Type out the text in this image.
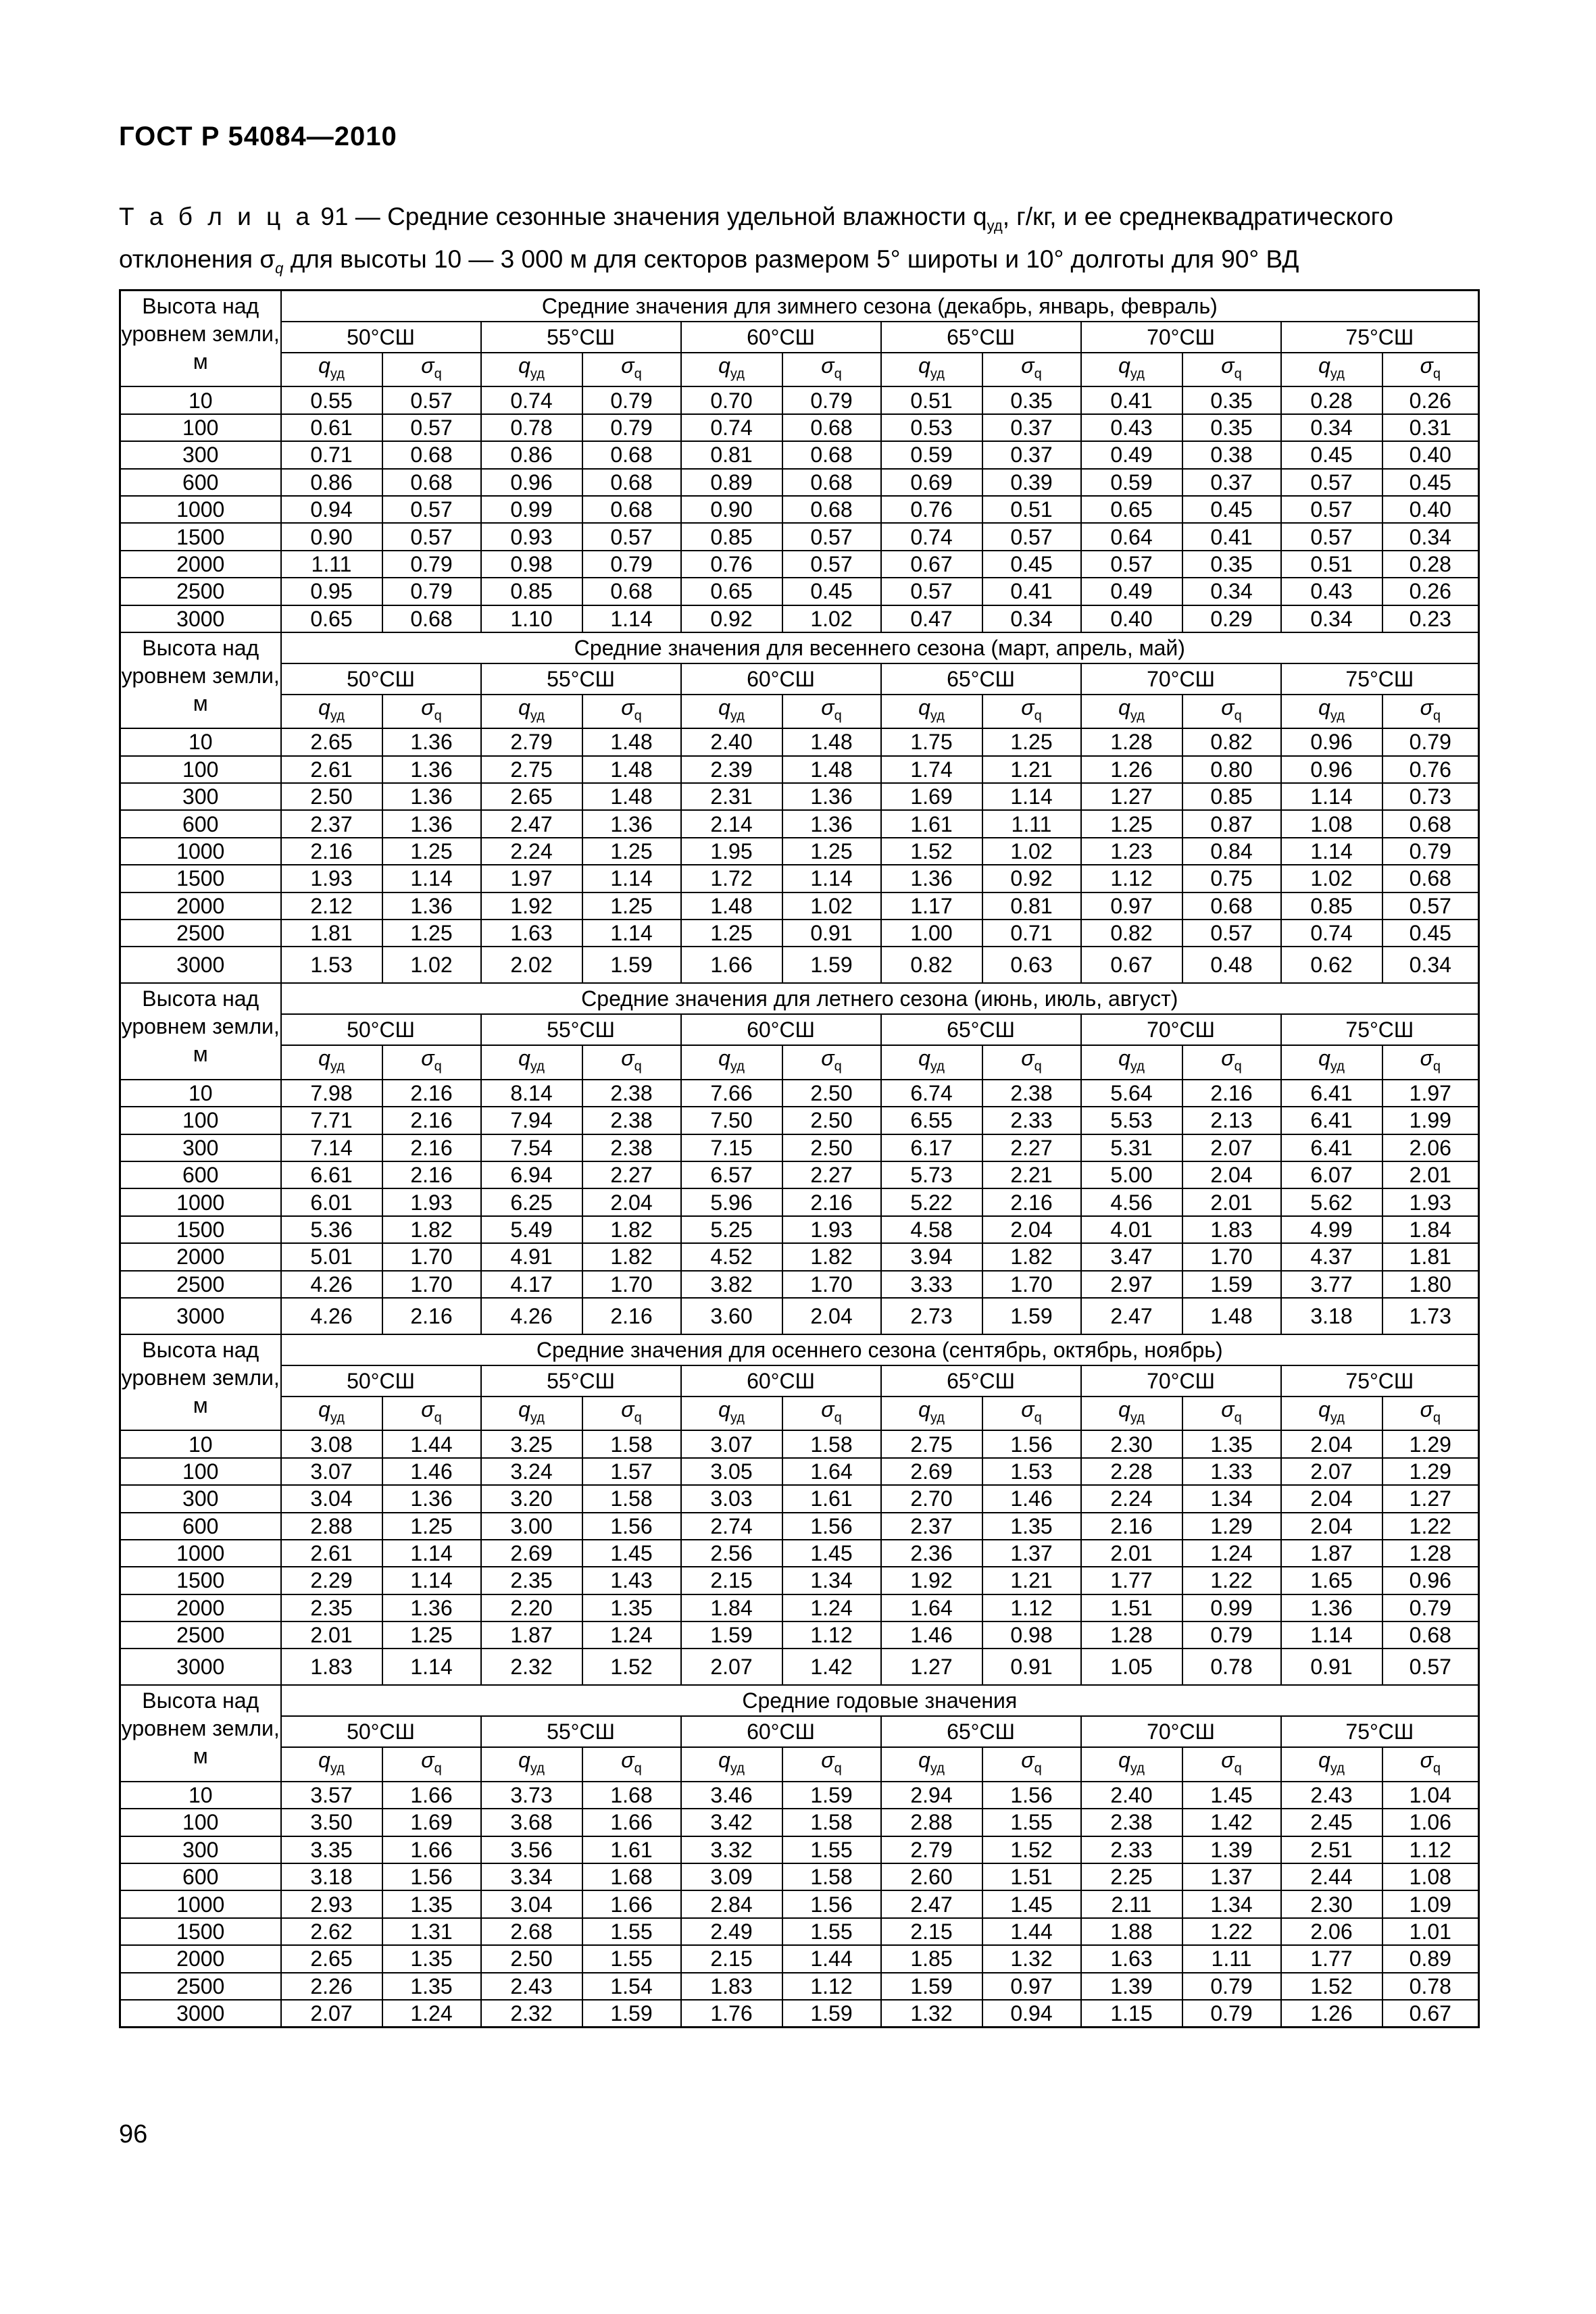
ГОСТ Р 54084—2010
Т а б л и ц а 91 — Средние сезонные значения удельной влажности $q_{уд}$, г/кг, и ее среднеквадратического отклонения $\sigma_q$ для высоты 10 — 3 000 м для секторов размером 5° широты и 10° долготы для 90° ВД
Высота над уровнем земли, м	Средние значения для зимнего сезона (декабрь, январь, февраль)											
	50°СШ		55°СШ		60°СШ		65°СШ		70°СШ		75°СШ	
	$q_{уд}$	$\sigma_q$	$q_{уд}$	$\sigma_q$	$q_{уд}$	$\sigma_q$	$q_{уд}$	$\sigma_q$	$q_{уд}$	$\sigma_q$	$q_{уд}$	$\sigma_q$
10	0.55	0.57	0.74	0.79	0.70	0.79	0.51	0.35	0.41	0.35	0.28	0.26
100	0.61	0.57	0.78	0.79	0.74	0.68	0.53	0.37	0.43	0.35	0.34	0.31
300	0.71	0.68	0.86	0.68	0.81	0.68	0.59	0.37	0.49	0.38	0.45	0.40
600	0.86	0.68	0.96	0.68	0.89	0.68	0.69	0.39	0.59	0.37	0.57	0.45
1000	0.94	0.57	0.99	0.68	0.90	0.68	0.76	0.51	0.65	0.45	0.57	0.40
1500	0.90	0.57	0.93	0.57	0.85	0.57	0.74	0.57	0.64	0.41	0.57	0.34
2000	1.11	0.79	0.98	0.79	0.76	0.57	0.67	0.45	0.57	0.35	0.51	0.28
2500	0.95	0.79	0.85	0.68	0.65	0.45	0.57	0.41	0.49	0.34	0.43	0.26
3000	0.65	0.68	1.10	1.14	0.92	1.02	0.47	0.34	0.40	0.29	0.34	0.23
Высота над уровнем земли, м	Средние значения для весеннего сезона (март, апрель, май)											
	50°СШ		55°СШ		60°СШ		65°СШ		70°СШ		75°СШ	
	$q_{уд}$	$\sigma_q$	$q_{уд}$	$\sigma_q$	$q_{уд}$	$\sigma_q$	$q_{уд}$	$\sigma_q$	$q_{уд}$	$\sigma_q$	$q_{уд}$	$\sigma_q$
10	2.65	1.36	2.79	1.48	2.40	1.48	1.75	1.25	1.28	0.82	0.96	0.79
100	2.61	1.36	2.75	1.48	2.39	1.48	1.74	1.21	1.26	0.80	0.96	0.76
300	2.50	1.36	2.65	1.48	2.31	1.36	1.69	1.14	1.27	0.85	1.14	0.73
600	2.37	1.36	2.47	1.36	2.14	1.36	1.61	1.11	1.25	0.87	1.08	0.68
1000	2.16	1.25	2.24	1.25	1.95	1.25	1.52	1.02	1.23	0.84	1.14	0.79
1500	1.93	1.14	1.97	1.14	1.72	1.14	1.36	0.92	1.12	0.75	1.02	0.68
2000	2.12	1.36	1.92	1.25	1.48	1.02	1.17	0.81	0.97	0.68	0.85	0.57
2500	1.81	1.25	1.63	1.14	1.25	0.91	1.00	0.71	0.82	0.57	0.74	0.45
3000	1.53	1.02	2.02	1.59	1.66	1.59	0.82	0.63	0.67	0.48	0.62	0.34
Высота над уровнем земли, м	Средние значения для летнего сезона (июнь, июль, август)											
	50°СШ		55°СШ		60°СШ		65°СШ		70°СШ		75°СШ	
	$q_{уд}$	$\sigma_q$	$q_{уд}$	$\sigma_q$	$q_{уд}$	$\sigma_q$	$q_{уд}$	$\sigma_q$	$q_{уд}$	$\sigma_q$	$q_{уд}$	$\sigma_q$
10	7.98	2.16	8.14	2.38	7.66	2.50	6.74	2.38	5.64	2.16	6.41	1.97
100	7.71	2.16	7.94	2.38	7.50	2.50	6.55	2.33	5.53	2.13	6.41	1.99
300	7.14	2.16	7.54	2.38	7.15	2.50	6.17	2.27	5.31	2.07	6.41	2.06
600	6.61	2.16	6.94	2.27	6.57	2.27	5.73	2.21	5.00	2.04	6.07	2.01
1000	6.01	1.93	6.25	2.04	5.96	2.16	5.22	2.16	4.56	2.01	5.62	1.93
1500	5.36	1.82	5.49	1.82	5.25	1.93	4.58	2.04	4.01	1.83	4.99	1.84
2000	5.01	1.70	4.91	1.82	4.52	1.82	3.94	1.82	3.47	1.70	4.37	1.81
2500	4.26	1.70	4.17	1.70	3.82	1.70	3.33	1.70	2.97	1.59	3.77	1.80
3000	4.26	2.16	4.26	2.16	3.60	2.04	2.73	1.59	2.47	1.48	3.18	1.73
Высота над уровнем земли, м	Средние значения для осеннего сезона (сентябрь, октябрь, ноябрь)											
	50°СШ		55°СШ		60°СШ		65°СШ		70°СШ		75°СШ	
	$q_{уд}$	$\sigma_q$	$q_{уд}$	$\sigma_q$	$q_{уд}$	$\sigma_q$	$q_{уд}$	$\sigma_q$	$q_{уд}$	$\sigma_q$	$q_{уд}$	$\sigma_q$
10	3.08	1.44	3.25	1.58	3.07	1.58	2.75	1.56	2.30	1.35	2.04	1.29
100	3.07	1.46	3.24	1.57	3.05	1.64	2.69	1.53	2.28	1.33	2.07	1.29
300	3.04	1.36	3.20	1.58	3.03	1.61	2.70	1.46	2.24	1.34	2.04	1.27
600	2.88	1.25	3.00	1.56	2.74	1.56	2.37	1.35	2.16	1.29	2.04	1.22
1000	2.61	1.14	2.69	1.45	2.56	1.45	2.36	1.37	2.01	1.24	1.87	1.28
1500	2.29	1.14	2.35	1.43	2.15	1.34	1.92	1.21	1.77	1.22	1.65	0.96
2000	2.35	1.36	2.20	1.35	1.84	1.24	1.64	1.12	1.51	0.99	1.36	0.79
2500	2.01	1.25	1.87	1.24	1.59	1.12	1.46	0.98	1.28	0.79	1.14	0.68
3000	1.83	1.14	2.32	1.52	2.07	1.42	1.27	0.91	1.05	0.78	0.91	0.57
Высота над уровнем земли, м	Средние годовые значения											
	50°СШ		55°СШ		60°СШ		65°СШ		70°СШ		75°СШ	
	$q_{уд}$	$\sigma_q$	$q_{уд}$	$\sigma_q$	$q_{уд}$	$\sigma_q$	$q_{уд}$	$\sigma_q$	$q_{уд}$	$\sigma_q$	$q_{уд}$	$\sigma_q$
10	3.57	1.66	3.73	1.68	3.46	1.59	2.94	1.56	2.40	1.45	2.43	1.04
100	3.50	1.69	3.68	1.66	3.42	1.58	2.88	1.55	2.38	1.42	2.45	1.06
300	3.35	1.66	3.56	1.61	3.32	1.55	2.79	1.52	2.33	1.39	2.51	1.12
600	3.18	1.56	3.34	1.68	3.09	1.58	2.60	1.51	2.25	1.37	2.44	1.08
1000	2.93	1.35	3.04	1.66	2.84	1.56	2.47	1.45	2.11	1.34	2.30	1.09
1500	2.62	1.31	2.68	1.55	2.49	1.55	2.15	1.44	1.88	1.22	2.06	1.01
2000	2.65	1.35	2.50	1.55	2.15	1.44	1.85	1.32	1.63	1.11	1.77	0.89
2500	2.26	1.35	2.43	1.54	1.83	1.12	1.59	0.97	1.39	0.79	1.52	0.78
3000	2.07	1.24	2.32	1.59	1.76	1.59	1.32	0.94	1.15	0.79	1.26	0.67
96
